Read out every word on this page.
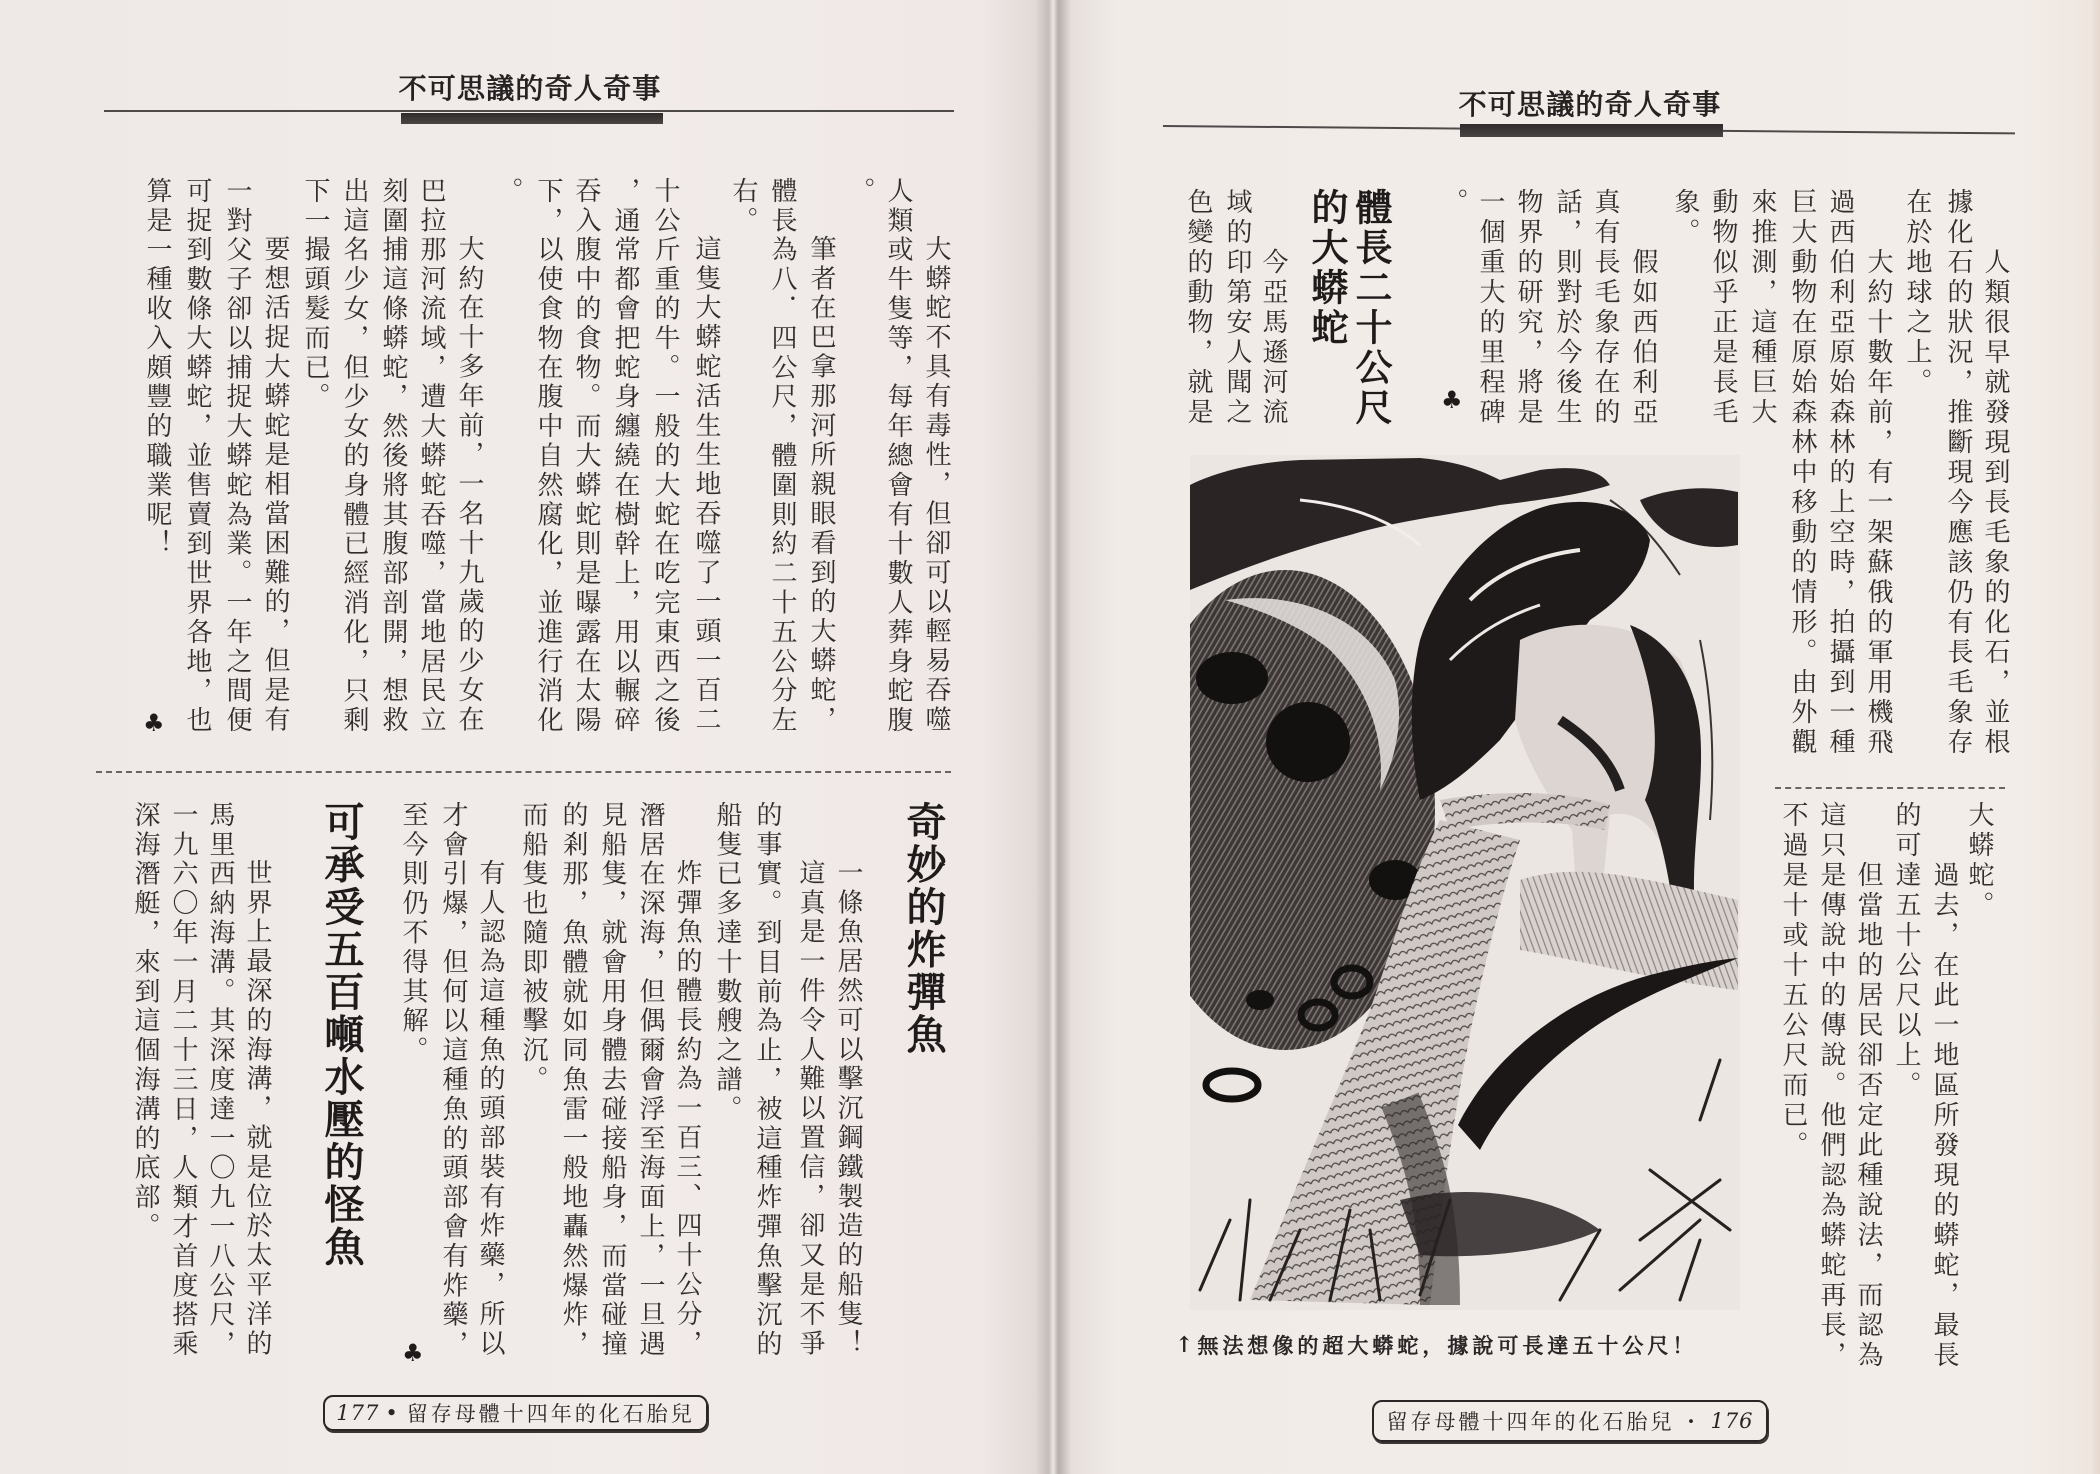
不可思議的奇人奇事
大蟒蛇不具有毒性，但卻可以輕易吞噬
人類或牛隻等，每年總會有十數人葬身蛇腹
。
筆者在巴拿那河所親眼看到的大蟒蛇，
體長為八．四公尺，體圍則約二十五公分左
右。
這隻大蟒蛇活生生地吞噬了一頭一百二
十公斤重的牛。一般的大蛇在吃完東西之後
，通常都會把蛇身纏繞在樹幹上，用以輾碎
吞入腹中的食物。而大蟒蛇則是曝露在太陽
下，以使食物在腹中自然腐化，並進行消化
。
大約在十多年前，一名十九歲的少女在
巴拉那河流域，遭大蟒蛇吞噬，當地居民立
刻圍捕這條蟒蛇，然後將其腹部剖開，想救
出這名少女，但少女的身體已經消化，只剩
下一撮頭髮而已。
要想活捉大蟒蛇是相當困難的，但是有
一對父子卻以捕捉大蟒蛇為業。一年之間便
可捉到數條大蟒蛇，並售賣到世界各地，也
算是一種收入頗豐的職業呢！
♣
奇妙的炸彈魚
一條魚居然可以擊沉鋼鐵製造的船隻！
這真是一件令人難以置信，卻又是不爭
的事實。到目前為止，被這種炸彈魚擊沉的
船隻已多達十數艘之譜。
炸彈魚的體長約為一百三、四十公分，
潛居在深海，但偶爾會浮至海面上，一旦遇
見船隻，就會用身體去碰接船身，而當碰撞
的剎那，魚體就如同魚雷一般地轟然爆炸，
而船隻也隨即被擊沉。
有人認為這種魚的頭部裝有炸藥，所以
才會引爆，但何以這種魚的頭部會有炸藥，
至今則仍不得其解。
♣
可承受五百噸水壓的怪魚
世界上最深的海溝，就是位於太平洋的
馬里西納海溝。其深度達一〇九一八公尺，
一九六〇年一月二十三日，人類才首度搭乘
深海潛艇，來到這個海溝的底部。
177 • 留存母體十四年的化石胎兒
不可思議的奇人奇事
人類很早就發現到長毛象的化石，並根
據化石的狀況，推斷現今應該仍有長毛象存
在於地球之上。
大約十數年前，有一架蘇俄的軍用機飛
過西伯利亞原始森林的上空時，拍攝到一種
巨大動物在原始森林中移動的情形。由外觀
來推測，這種巨大
動物似乎正是長毛
象。
假如西伯利亞
真有長毛象存在的
話，則對於今後生
物界的研究，將是
一個重大的里程碑
。
♣
體長二十公尺
的大蟒蛇
今亞馬遜河流
域的印第安人聞之
色變的動物，就是
↑ 無法想像的超大蟒蛇，據說可長達五十公尺！
大蟒蛇。
過去，在此一地區所發現的蟒蛇，最長
的可達五十公尺以上。
但當地的居民卻否定此種說法，而認為
這只是傳說中的傳說。他們認為蟒蛇再長，
不過是十或十五公尺而已。
留存母體十四年的化石胎兒 ・ 176
